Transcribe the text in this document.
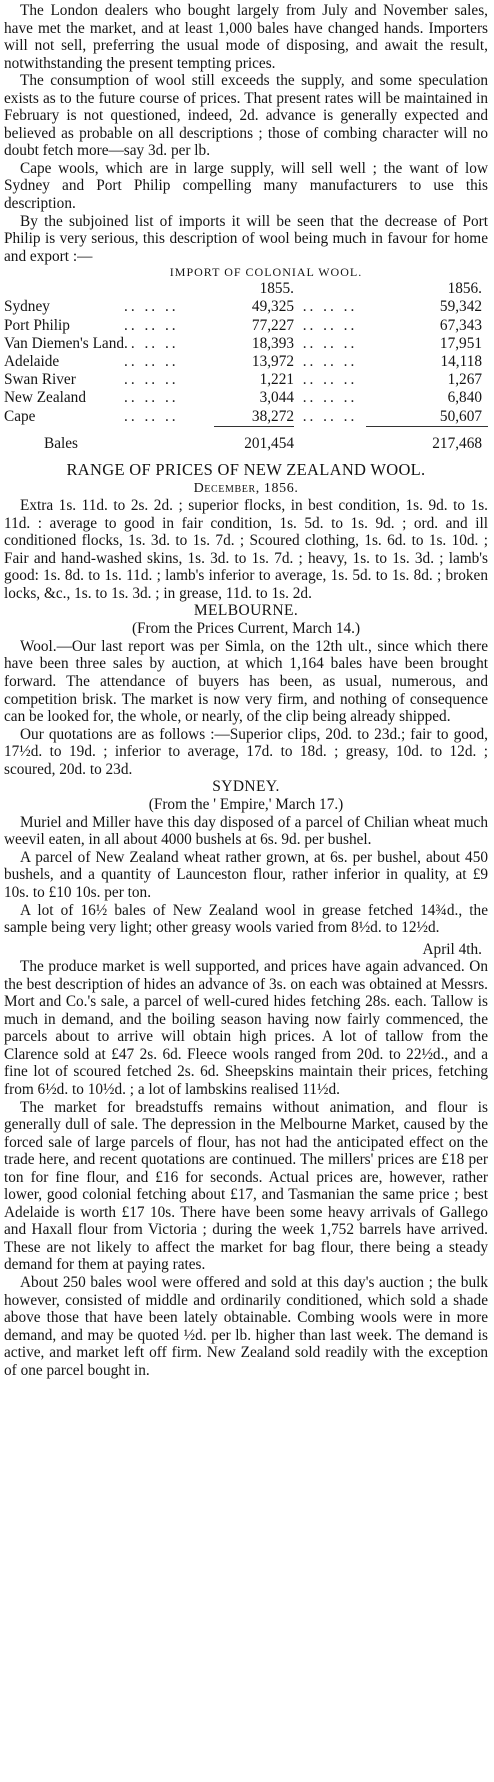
The London dealers who bought largely from July and November sales, have met the market, and at least 1,000 bales have changed hands. Importers will not sell, preferring the usual mode of disposing, and await the result, notwithstanding the present tempting prices.

The consumption of wool still exceeds the supply, and some speculation exists as to the future course of prices. That present rates will be maintained in February is not questioned, indeed, 2d. advance is generally expected and believed as probable on all descriptions ; those of combing character will no doubt fetch more—say 3d. per lb.

Cape wools, which are in large supply, will sell well ; the want of low Sydney and Port Philip compelling many manufacturers to use this description.

By the subjoined list of imports it will be seen that the decrease of Port Philip is very serious, this description of wool being much in favour for home and export :—

IMPORT OF COLONIAL WOOL.
		1855.		1856.
Sydney	.. .. ..	49,325	.. .. ..	59,342
Port Philip	.. .. ..	77,227	.. .. ..	67,343
Van Diemen's Land	.. .. ..	18,393	.. .. ..	17,951
Adelaide	.. .. ..	13,972	.. .. ..	14,118
Swan River	.. .. ..	1,221	.. .. ..	1,267
New Zealand	.. .. ..	3,044	.. .. ..	6,840
Cape	.. .. ..	38,272	.. .. ..	50,607

Bales		201,454		217,468
RANGE OF PRICES OF NEW ZEALAND WOOL.
December, 1856.

Extra 1s. 11d. to 2s. 2d. ; superior flocks, in best condition, 1s. 9d. to 1s. 11d. : average to good in fair condition, 1s. 5d. to 1s. 9d. ; ord. and ill conditioned flocks, 1s. 3d. to 1s. 7d. ; Scoured clothing, 1s. 6d. to 1s. 10d. ; Fair and hand-washed skins, 1s. 3d. to 1s. 7d. ; heavy, 1s. to 1s. 3d. ; lamb's good: 1s. 8d. to 1s. 11d. ; lamb's inferior to average, 1s. 5d. to 1s. 8d. ; broken locks, &c., 1s. to 1s. 3d. ; in grease, 11d. to 1s. 2d.

MELBOURNE.

(From the Prices Current, March 14.)

Wool.—Our last report was per Simla, on the 12th ult., since which there have been three sales by auction, at which 1,164 bales have been brought forward. The attendance of buyers has been, as usual, numerous, and competition brisk. The market is now very firm, and nothing of consequence can be looked for, the whole, or nearly, of the clip being already shipped.

Our quotations are as follows :—Superior clips, 20d. to 23d.; fair to good, 17½d. to 19d. ; inferior to average, 17d. to 18d. ; greasy, 10d. to 12d. ; scoured, 20d. to 23d.

SYDNEY.

(From the ' Empire,' March 17.)

Muriel and Miller have this day disposed of a parcel of Chilian wheat much weevil eaten, in all about 4000 bushels at 6s. 9d. per bushel.

A parcel of New Zealand wheat rather grown, at 6s. per bushel, about 450 bushels, and a quantity of Launceston flour, rather inferior in quality, at £9 10s. to £10 10s. per ton.

A lot of 16½ bales of New Zealand wool in grease fetched 14¾d., the sample being very light; other greasy wools varied from 8½d. to 12½d.

April 4th.

The produce market is well supported, and prices have again advanced. On the best description of hides an advance of 3s. on each was obtained at Messrs. Mort and Co.'s sale, a parcel of well-cured hides fetching 28s. each. Tallow is much in demand, and the boiling season having now fairly commenced, the parcels about to arrive will obtain high prices. A lot of tallow from the Clarence sold at £47 2s. 6d. Fleece wools ranged from 20d. to 22½d., and a fine lot of scoured fetched 2s. 6d. Sheepskins maintain their prices, fetching from 6½d. to 10½d. ; a lot of lambskins realised 11½d.

The market for breadstuffs remains without animation, and flour is generally dull of sale. The depression in the Melbourne Market, caused by the forced sale of large parcels of flour, has not had the anticipated effect on the trade here, and recent quotations are continued. The millers' prices are £18 per ton for fine flour, and £16 for seconds. Actual prices are, however, rather lower, good colonial fetching about £17, and Tasmanian the same price ; best Adelaide is worth £17 10s. There have been some heavy arrivals of Gallego and Haxall flour from Victoria ; during the week 1,752 barrels have arrived. These are not likely to affect the market for bag flour, there being a steady demand for them at paying rates.

About 250 bales wool were offered and sold at this day's auction ; the bulk however, consisted of middle and ordinarily conditioned, which sold a shade above those that have been lately obtainable. Combing wools were in more demand, and may be quoted ½d. per lb. higher than last week. The demand is active, and market left off firm. New Zealand sold readily with the exception of one parcel bought in.
